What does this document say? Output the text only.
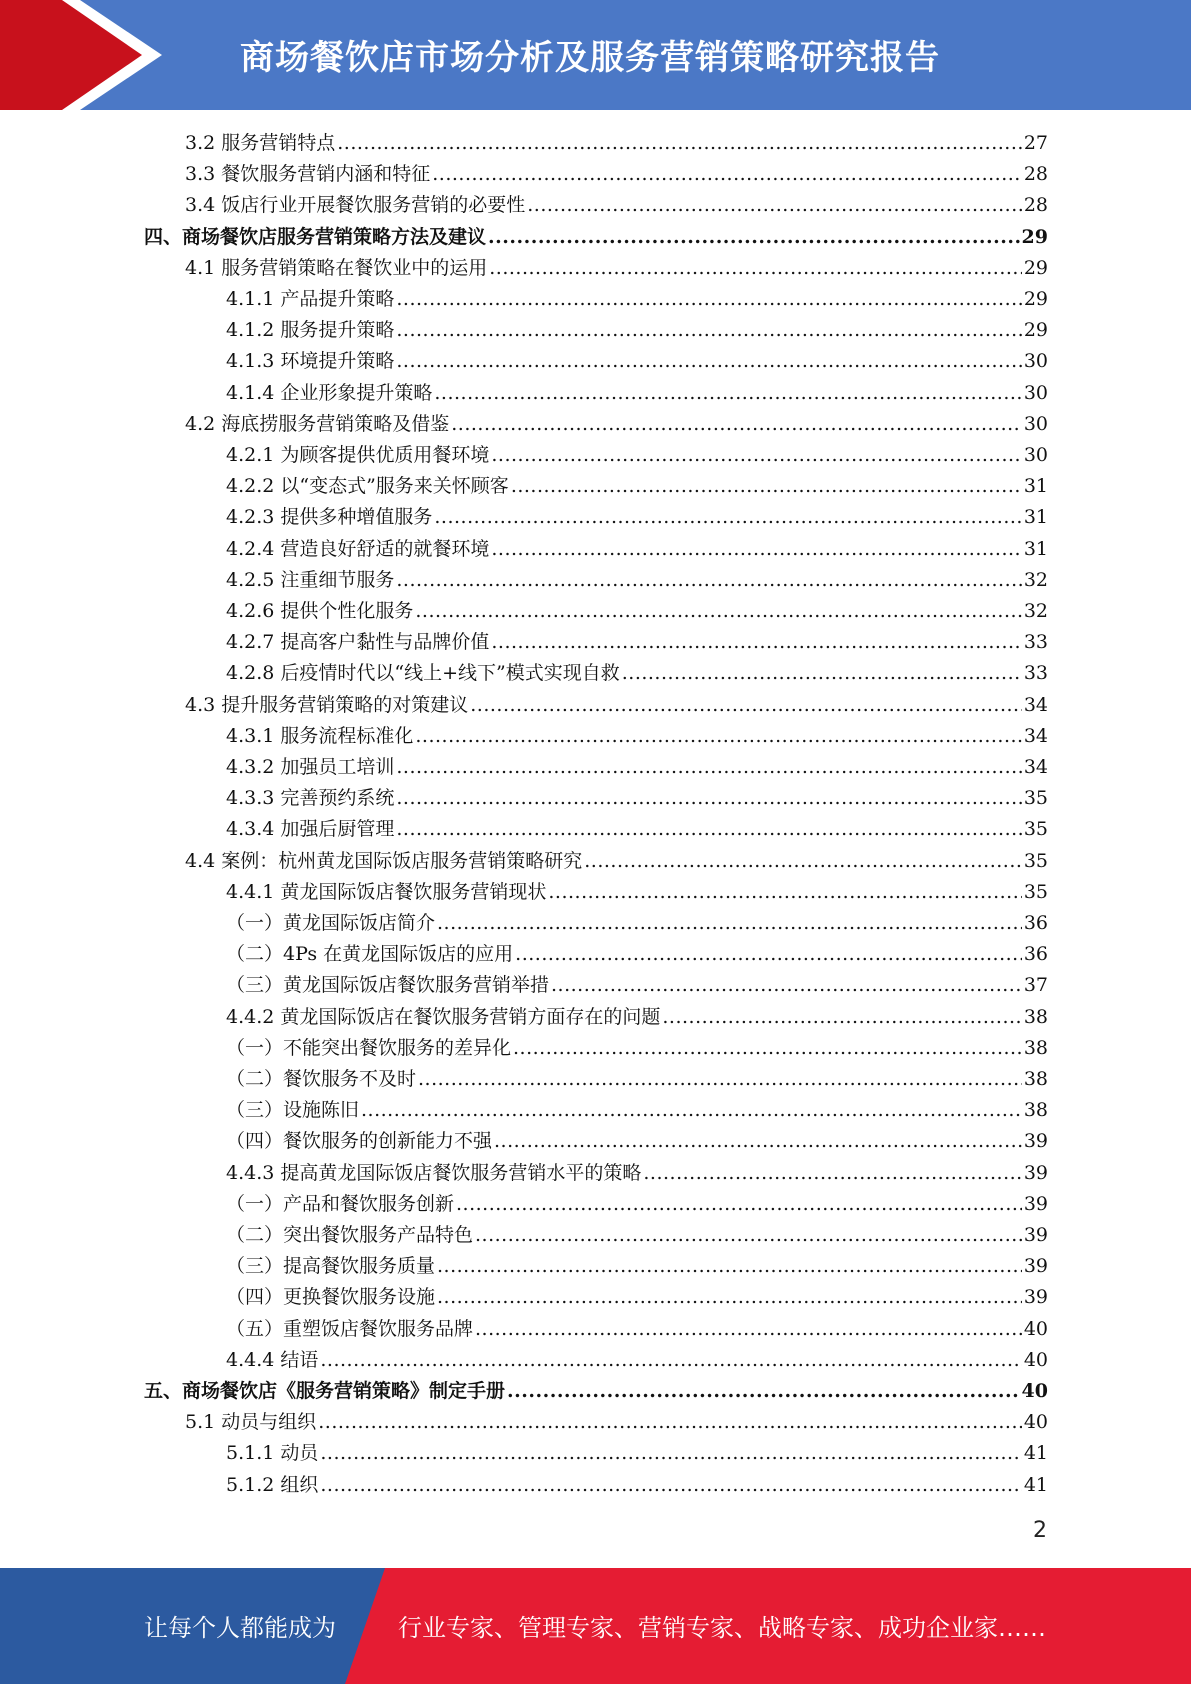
商场餐饮店市场分析及服务营销策略研究报告
3.2 服务营销特点 .....	27
3.3 餐饮服务营销内涵和特征 .....	28
3.4 饭店行业开展餐饮服务营销的必要性 .....	28
四、商场餐饮店服务营销策略方法及建议 .....	29
4.1 服务营销策略在餐饮业中的运用 .....	29
4.1.1 产品提升策略 .....	29
4.1.2 服务提升策略 .....	29
4.1.3 环境提升策略 .....	30
4.1.4 企业形象提升策略 .....	30
4.2 海底捞服务营销策略及借鉴 .....	30
4.2.1 为顾客提供优质用餐环境 .....	30
4.2.2 以“变态式”服务来关怀顾客 .....	31
4.2.3 提供多种增值服务 .....	31
4.2.4 营造良好舒适的就餐环境 .....	31
4.2.5 注重细节服务 .....	32
4.2.6 提供个性化服务 .....	32
4.2.7 提高客户黏性与品牌价值 .....	33
4.2.8 后疫情时代以“线上+线下”模式实现自救 .....	33
4.3 提升服务营销策略的对策建议 .....	34
4.3.1 服务流程标准化 .....	34
4.3.2 加强员工培训 .....	34
4.3.3 完善预约系统 .....	35
4.3.4 加强后厨管理 .....	35
4.4 案例：杭州黄龙国际饭店服务营销策略研究 .....	35
4.4.1 黄龙国际饭店餐饮服务营销现状 .....	35
（一）黄龙国际饭店简介 .....	36
（二）4Ps 在黄龙国际饭店的应用 .....	36
（三）黄龙国际饭店餐饮服务营销举措 .....	37
4.4.2 黄龙国际饭店在餐饮服务营销方面存在的问题 .....	38
（一）不能突出餐饮服务的差异化 .....	38
（二）餐饮服务不及时 .....	38
（三）设施陈旧 .....	38
（四）餐饮服务的创新能力不强 .....	39
4.4.3 提高黄龙国际饭店餐饮服务营销水平的策略 .....	39
（一）产品和餐饮服务创新 .....	39
（二）突出餐饮服务产品特色 .....	39
（三）提高餐饮服务质量 .....	39
（四）更换餐饮服务设施 .....	39
（五）重塑饭店餐饮服务品牌 .....	40
4.4.4 结语 .....	40
五、商场餐饮店《服务营销策略》制定手册 .....	40
5.1 动员与组织 .....	40
5.1.1 动员 .....	41
5.1.2 组织 .....	41
2
让每个人都能成为	行业专家、管理专家、营销专家、战略专家、成功企业家……
